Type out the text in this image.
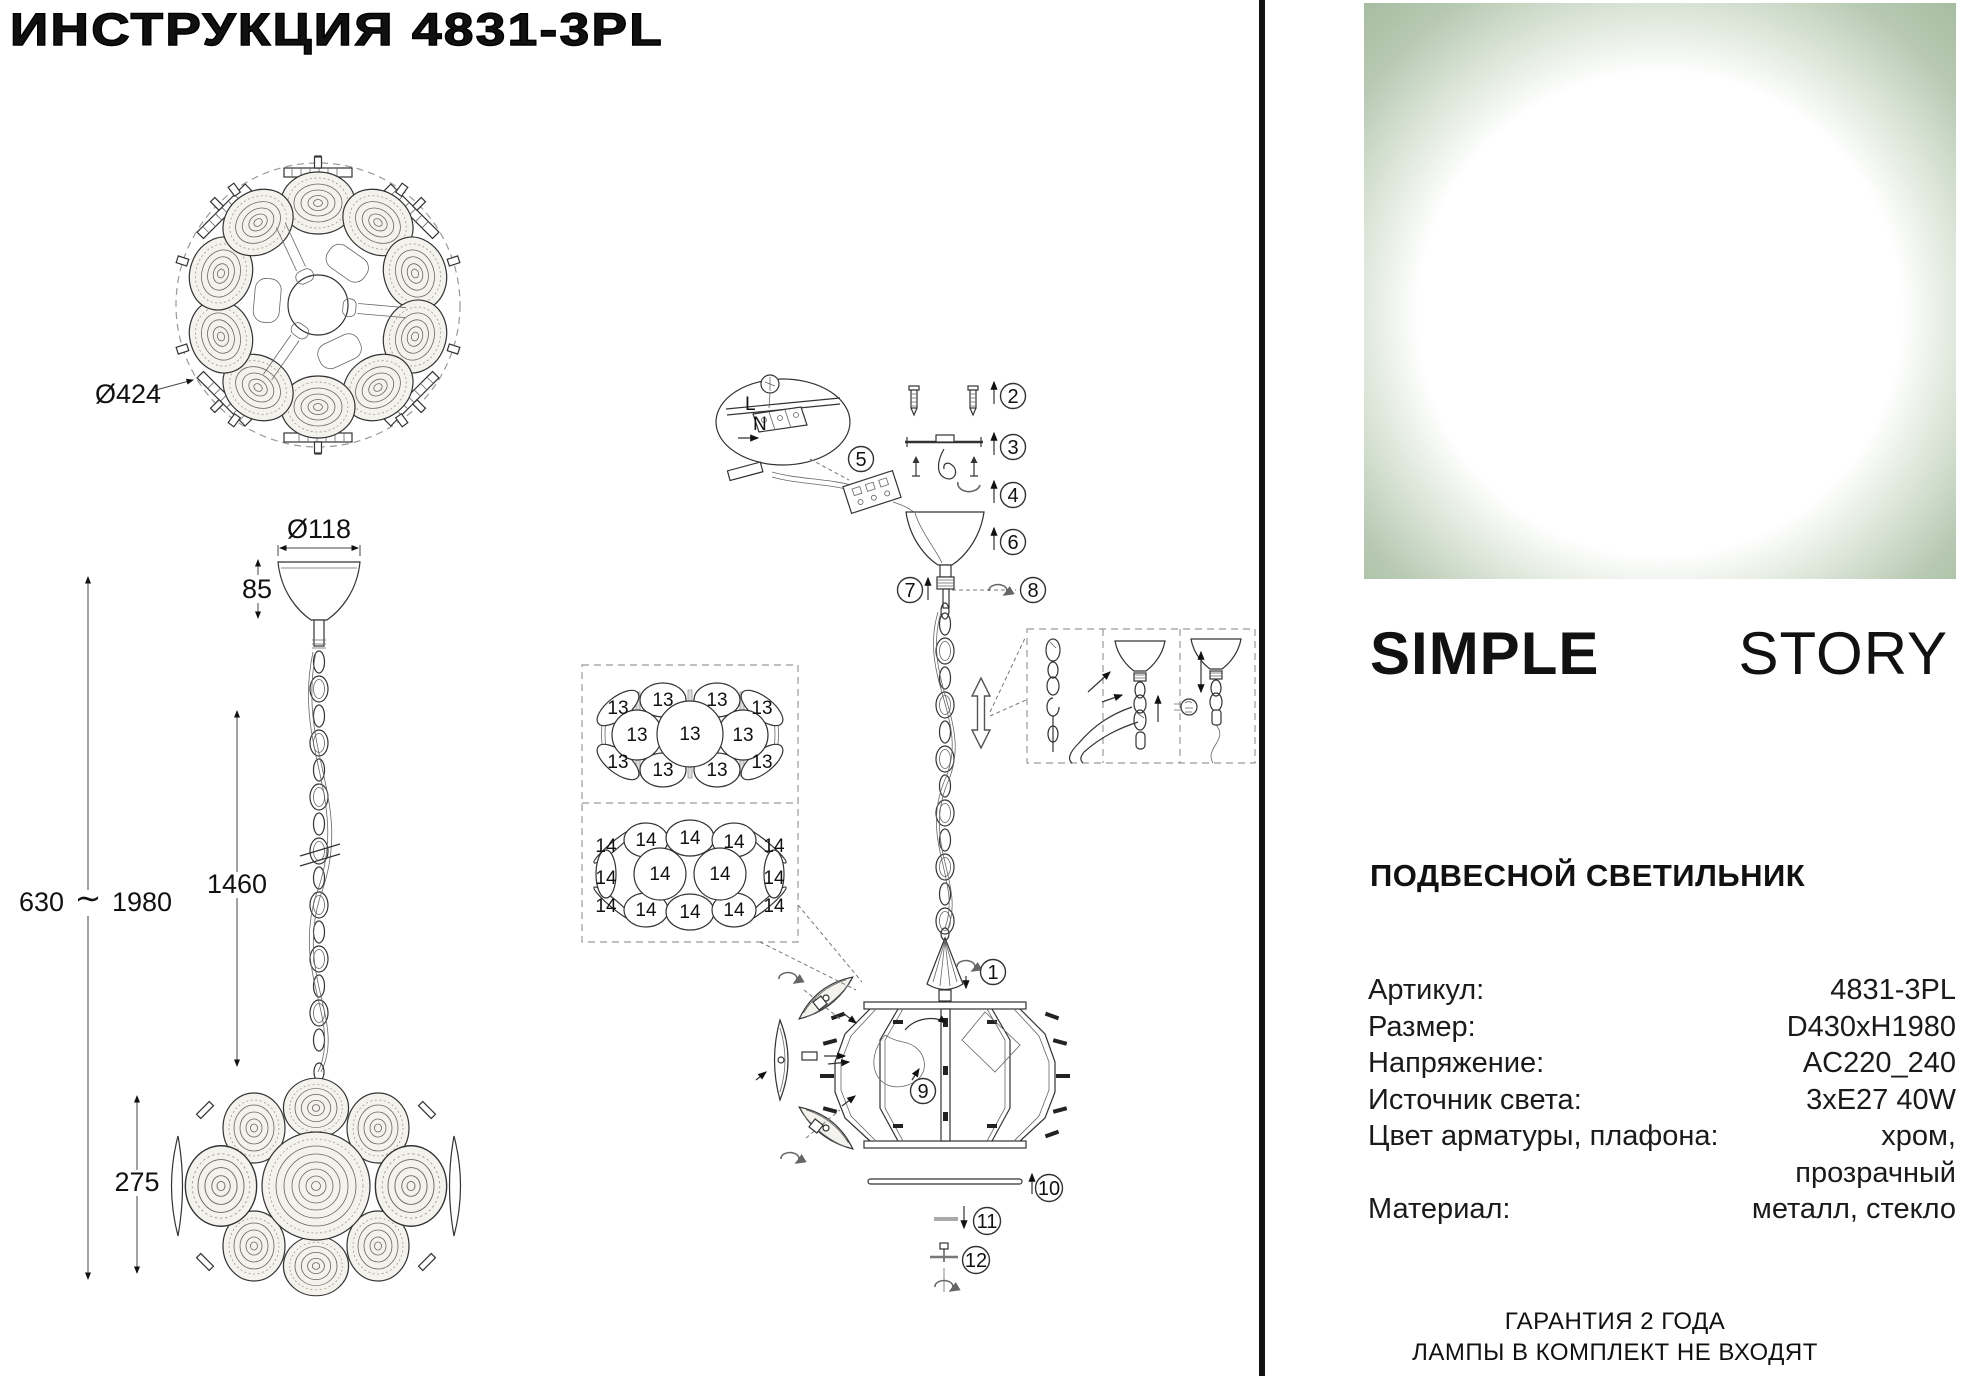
ИНСТРУКЦИЯ 4831-3PL
Ø424
Ø118
85
630 ∼ 1980
1460
275
L
N
1
2
3
4
5
6
7	8
9
10
11
12
13 13 13 13
13 13 13
13 13 13 13
14 14 14 14 14
14 14 14 14
14 14 14 14 14
SIMPLE STORY
ПОДВЕСНОЙ СВЕТИЛЬНИК
Артикул:	4831-3PL
Размер:	D430xH1980
Напряжение:	AC220_240
Источник света:	3xE27 40W
Цвет арматуры, плафона:	хром,
прозрачный
Материал:	металл, стекло
ГАРАНТИЯ 2 ГОДА
ЛАМПЫ В КОМПЛЕКТ НЕ ВХОДЯТ
